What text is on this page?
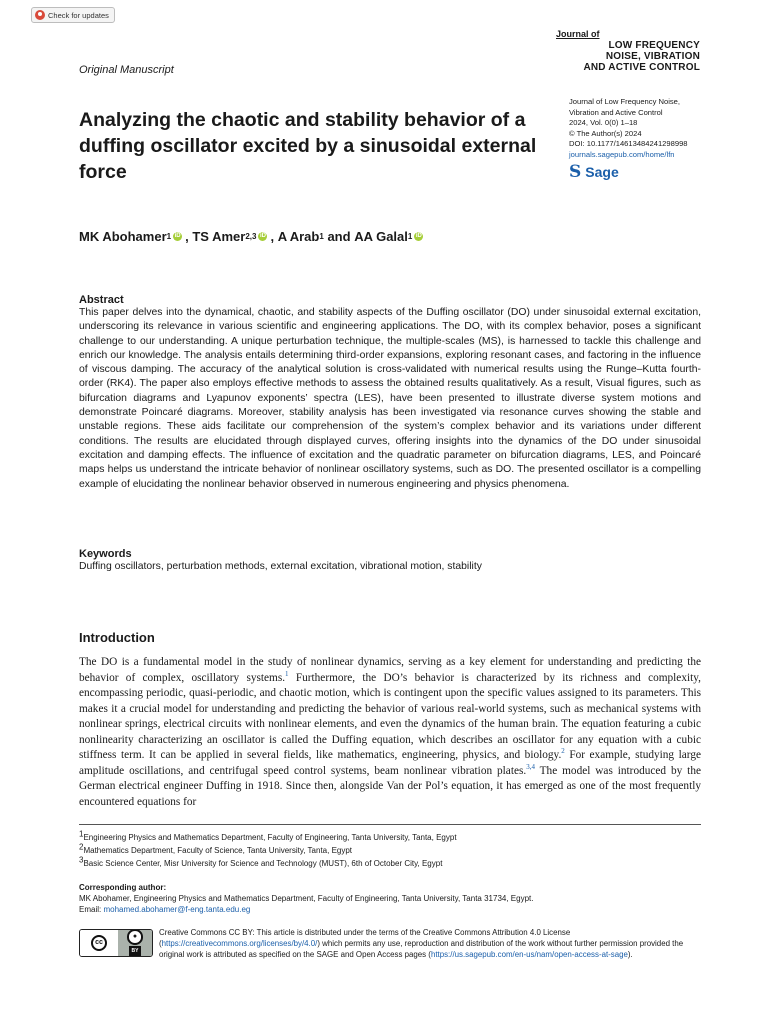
Check for updates
Journal of
LOW FREQUENCY
NOISE, VIBRATION
AND ACTIVE CONTROL
Original Manuscript
Analyzing the chaotic and stability behavior of a duffing oscillator excited by a sinusoidal external force
Journal of Low Frequency Noise,
Vibration and Active Control
2024, Vol. 0(0) 1–18
© The Author(s) 2024
DOI: 10.1177/14613484241298998
journals.sagepub.com/home/lfn
S Sage
MK Abohamer 1 iD ,
TS Amer 2,3 iD ,
A Arab 1
and
AA Galal 1 iD
Abstract

This paper delves into the dynamical, chaotic, and stability aspects of the Duffing oscillator (DO) under sinusoidal external excitation, underscoring its relevance in various scientific and engineering applications. The DO, with its complex behavior, poses a significant challenge to our understanding. A unique perturbation technique, the multiple-scales (MS), is harnessed to tackle this challenge and enrich our knowledge. The analysis entails determining third-order expansions, exploring resonant cases, and factoring in the influence of viscous damping. The accuracy of the analytical solution is cross-validated with numerical results using the Runge–Kutta fourth-order (RK4). The paper also employs effective methods to assess the obtained results qualitatively. As a result, Visual figures, such as bifurcation diagrams and Lyapunov exponents’ spectra (LES), have been presented to illustrate diverse system motions and demonstrate Poincaré diagrams. Moreover, stability analysis has been investigated via resonance curves showing the stable and unstable regions. These aids facilitate our comprehension of the system’s complex behavior and its variations under different conditions. The results are elucidated through displayed curves, offering insights into the dynamics of the DO under sinusoidal excitation and damping effects. The influence of excitation and the quadratic parameter on bifurcation diagrams, LES, and Poincaré maps helps us understand the intricate behavior of nonlinear oscillatory systems, such as DO. The presented oscillator is a compelling example of elucidating the nonlinear behavior observed in numerous engineering and physics phenomena.

Keywords

Duffing oscillators, perturbation methods, external excitation, vibrational motion, stability

Introduction

The DO is a fundamental model in the study of nonlinear dynamics, serving as a key element for understanding and predicting the behavior of complex, oscillatory systems.$^1$ Furthermore, the DO’s behavior is characterized by its richness and complexity, encompassing periodic, quasi-periodic, and chaotic motion, which is contingent upon the specific values assigned to its parameters. This makes it a crucial model for understanding and predicting the behavior of various real-world systems, such as mechanical systems with nonlinear springs, electrical circuits with nonlinear elements, and even the dynamics of the human brain. The equation featuring a cubic nonlinearity characterizing an oscillator is called the Duffing equation, which describes an oscillator for any equation with a cubic stiffness term. It can be applied in several fields, like mathematics, engineering, physics, and biology.$^2$ For example, studying large amplitude oscillations, and centrifugal speed control systems, beam nonlinear vibration plates.$^{3,4}$ The model was introduced by the German electrical engineer Duffing in 1918. Since then, alongside Van der Pol’s equation, it has emerged as one of the most frequently encountered equations for

1Engineering Physics and Mathematics Department, Faculty of Engineering, Tanta University, Tanta, Egypt
2Mathematics Department, Faculty of Science, Tanta University, Tanta, Egypt
3Basic Science Center, Misr University for Science and Technology (MUST), 6th of October City, Egypt
Corresponding author:
MK Abohamer, Engineering Physics and Mathematics Department, Faculty of Engineering, Tanta University, Tanta 31734, Egypt.
Email: mohamed.abohamer@f-eng.tanta.edu.eg
cc
●
BY
Creative Commons CC BY: This article is distributed under the terms of the Creative Commons Attribution 4.0 License (https://creativecommons.org/licenses/by/4.0/) which permits any use, reproduction and distribution of the work without further permission provided the original work is attributed as specified on the SAGE and Open Access pages (https://us.sagepub.com/en-us/nam/open-access-at-sage).
